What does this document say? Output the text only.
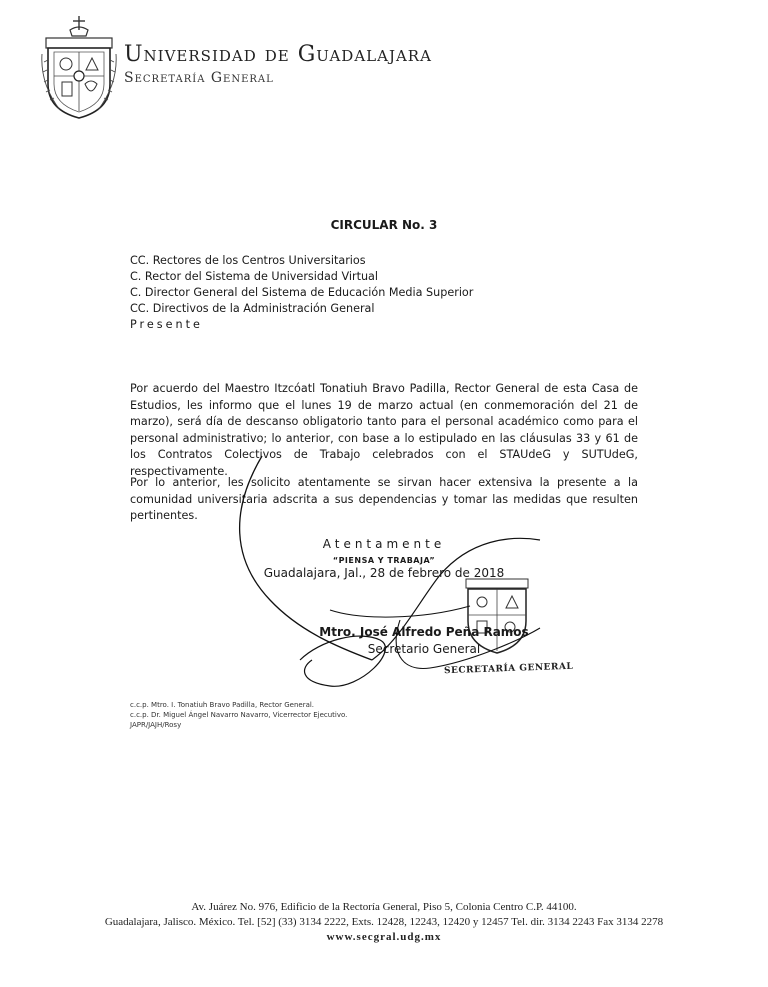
Universidad de Guadalajara
Secretaría General
CIRCULAR No. 3
CC. Rectores de los Centros Universitarios
C. Rector del Sistema de Universidad Virtual
C. Director General del Sistema de Educación Media Superior
CC. Directivos de la Administración General
Presente

Por acuerdo del Maestro Itzcóatl Tonatiuh Bravo Padilla, Rector General de esta Casa de Estudios, les informo que el lunes 19 de marzo actual (en conmemoración del 21 de marzo), será día de descanso obligatorio tanto para el personal académico como para el personal administrativo; lo anterior, con base a lo estipulado en las cláusulas 33 y 61 de los Contratos Colectivos de Trabajo celebrados con el STAUdeG y SUTUdeG, respectivamente.

Por lo anterior, les solicito atentamente se sirvan hacer extensiva la presente a la comunidad universitaria adscrita a sus dependencias y tomar las medidas que resulten pertinentes.

Atentamente
“PIENSA Y TRABAJA”
Guadalajara, Jal., 28 de febrero de 2018
Mtro. José Alfredo Peña Ramos
Secretario General
SECRETARÍA GENERAL
c.c.p. Mtro. I. Tonatiuh Bravo Padilla, Rector General.
c.c.p. Dr. Miguel Ángel Navarro Navarro, Vicerrector Ejecutivo.
JAPR/JAJH/Rosy
Av. Juárez No. 976, Edificio de la Rectoría General, Piso 5, Colonia Centro C.P. 44100.
Guadalajara, Jalisco. México. Tel. [52] (33) 3134 2222, Exts. 12428, 12243, 12420 y 12457 Tel. dir. 3134 2243 Fax 3134 2278
www.secgral.udg.mx
